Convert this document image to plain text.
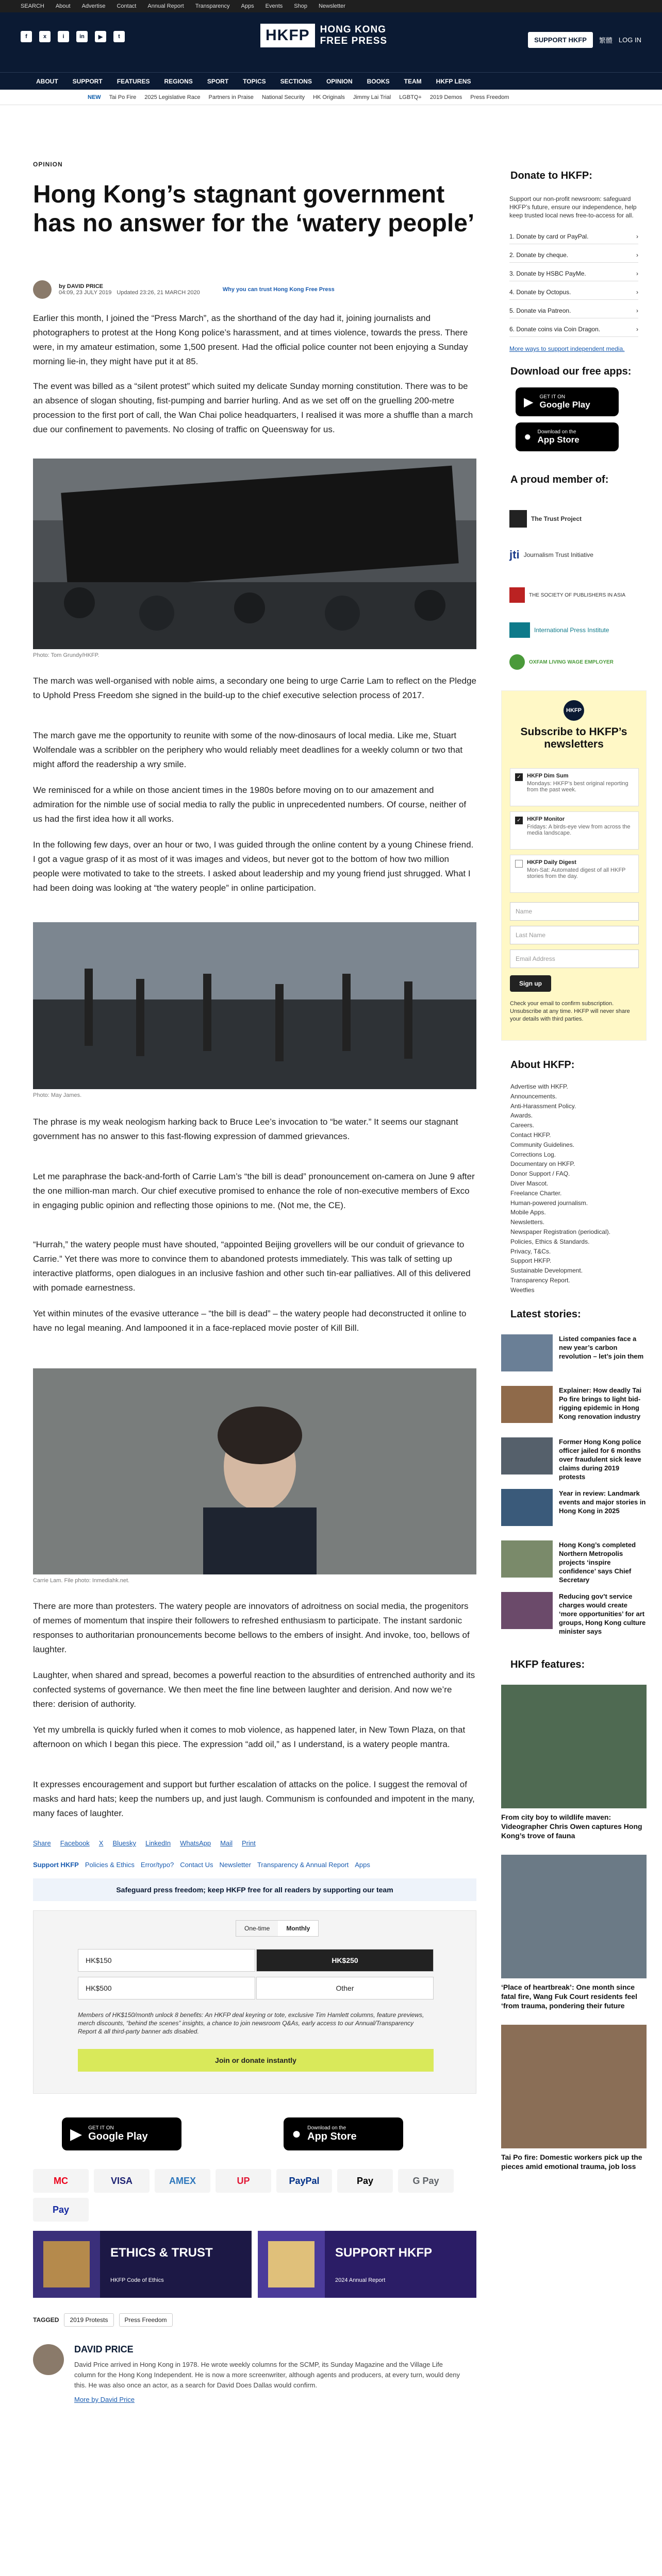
SEARCH About Advertise Contact Annual Report Transparency Apps Events Shop Newsletter
f	x	i	in	▶	t	HKFP	HONG KONG
FREE PRESS	SUPPORT HKFP	繁體 LOG IN
ABOUT SUPPORT FEATURES REGIONS SPORT TOPICS SECTIONS OPINION BOOKS TEAM HKFP LENS
NEW Tai Po Fire 2025 Legislative Race Partners in Praise National Security HK Originals Jimmy Lai Trial LGBTQ+ 2019 Demos Press Freedom
OPINION
Hong Kong’s stagnant government has no answer for the ‘watery people’
by DAVID PRICE
04:09, 23 JULY 2019 Updated 23:26, 21 MARCH 2020	Why you can trust Hong Kong Free Press

Earlier this month, I joined the “Press March”, as the shorthand of the day had it, joining journalists and photographers to protest at the Hong Kong police’s harassment, and at times violence, towards the press. There were, in my amateur estimation, some 1,500 present. Had the official police counter not been enjoying a Sunday morning lie-in, they might have put it at 85.

The event was billed as a “silent protest” which suited my delicate Sunday morning constitution. There was to be an absence of slogan shouting, fist-pumping and barrier hurling. And as we set off on the gruelling 200-metre procession to the first port of call, the Wan Chai police headquarters, I realised it was more a shuffle than a march due our confinement to pavements. No closing of traffic on Queensway for us.

Photo: Tom Grundy/HKFP.

The march was well-organised with noble aims, a secondary one being to urge Carrie Lam to reflect on the Pledge to Uphold Press Freedom she signed in the build-up to the chief executive selection process of 2017.

The march gave me the opportunity to reunite with some of the now-dinosaurs of local media. Like me, Stuart Wolfendale was a scribbler on the periphery who would reliably meet deadlines for a weekly column or two that might afford the readership a wry smile.

We reminisced for a while on those ancient times in the 1980s before moving on to our amazement and admiration for the nimble use of social media to rally the public in unprecedented numbers. Of course, neither of us had the first idea how it all works.

In the following few days, over an hour or two, I was guided through the online content by a young Chinese friend. I got a vague grasp of it as most of it was images and videos, but never got to the bottom of how two million people were motivated to take to the streets. I asked about leadership and my young friend just shrugged. What I had been doing was looking at “the watery people” in online participation.

Photo: May James.

The phrase is my weak neologism harking back to Bruce Lee’s invocation to “be water.” It seems our stagnant government has no answer to this fast-flowing expression of dammed grievances.

Let me paraphrase the back-and-forth of Carrie Lam’s “the bill is dead” pronouncement on-camera on June 9 after the one million-man march. Our chief executive promised to enhance the role of non-executive members of Exco in engaging public opinion and reflecting those opinions to me. (Not me, the CE).

“Hurrah,” the watery people must have shouted, “appointed Beijing grovellers will be our conduit of grievance to Carrie.” Yet there was more to convince them to abandoned protests immediately. This was talk of setting up interactive platforms, open dialogues in an inclusive fashion and other such tin-ear palliatives. All of this delivered with pomade earnestness.

Yet within minutes of the evasive utterance – “the bill is dead” – the watery people had deconstructed it online to have no legal meaning. And lampooned it in a face-replaced movie poster of Kill Bill.

Carrie Lam. File photo: Inmediahk.net.

There are more than protesters. The watery people are innovators of adroitness on social media, the progenitors of memes of momentum that inspire their followers to refreshed enthusiasm to participate. The instant sardonic responses to authoritarian pronouncements become bellows to the embers of insight. And invoke, too, bellows of laughter.

Laughter, when shared and spread, becomes a powerful reaction to the absurdities of entrenched authority and its confected systems of governance. We then meet the fine line between laughter and derision. And now we’re there: derision of authority.

Yet my umbrella is quickly furled when it comes to mob violence, as happened later, in New Town Plaza, on that afternoon on which I began this piece. The expression “add oil,” as I understand, is a watery people mantra.

It expresses encouragement and support but further escalation of attacks on the police. I suggest the removal of masks and hard hats; keep the numbers up, and just laugh. Communism is confounded and impotent in the many, many faces of laughter.

Share Facebook X Bluesky LinkedIn WhatsApp Mail Print
Support HKFP Policies & Ethics Error/typo? Contact Us Newsletter Transparency & Annual Report Apps
Safeguard press freedom; keep HKFP free for all readers by supporting our team
One-time	Monthly
HK$150	HK$250
HK$500	Other
Members of HK$150/month unlock 8 benefits: An HKFP deal keyring or tote, exclusive Tim Hamlett columns, feature previews, merch discounts, “behind the scenes” insights, a chance to join newsroom Q&As, early access to our Annual/Transparency Report & all third-party banner ads disabled.
Join or donate instantly
▶ GET IT ON
Google Play	● Download on the
App Store
MC	VISA	AMEX	UP	PayPal	Pay	G Pay
Pay
ETHICS & TRUST

HKFP Code of Ethics

SUPPORT HKFP

2024 Annual Report

TAGGED	2019 Protests	Press Freedom
DAVID PRICE
David Price arrived in Hong Kong in 1978. He wrote weekly columns for the SCMP, its Sunday Magazine and the Village Life column for the Hong Kong Independent. He is now a more screenwriter, although agents and producers, at every turn, would deny this. He was also once an actor, as a search for David Does Dallas would confirm.
More by David Price
Donate to HKFP:
Support our non-profit newsroom: safeguard HKFP’s future, ensure our independence, help keep trusted local news free-to-access for all.
1. Donate by card or PayPal.	›
2. Donate by cheque.	›
3. Donate by HSBC PayMe.	›
4. Donate by Octopus.	›
5. Donate via Patreon.	›
6. Donate coins via Coin Dragon.	›
More ways to support independent media.
Download our free apps:
▶ GET IT ON
Google Play
● Download on the
App Store
A proud member of:
The Trust Project
jti Journalism Trust Initiative
THE SOCIETY OF PUBLISHERS IN ASIA
International Press Institute
OXFAM LIVING WAGE EMPLOYER
HKFP
Subscribe to HKFP’s newsletters
✓	HKFP Dim Sum
Mondays: HKFP’s best original reporting from the past week.
✓	HKFP Monitor
Fridays: A birds-eye view from across the media landscape.
HKFP Daily Digest
Mon-Sat: Automated digest of all HKFP stories from the day.
Name
Last Name
Email Address
Sign up
Check your email to confirm subscription. Unsubscribe at any time. HKFP will never share your details with third parties.
About HKFP:
Advertise with HKFP.
Announcements.
Anti-Harassment Policy.
Awards.
Careers.
Contact HKFP.
Community Guidelines.
Corrections Log.
Documentary on HKFP.
Donor Support / FAQ.
Diver Mascot.
Freelance Charter.
Human-powered journalism.
Mobile Apps.
Newsletters.
Newspaper Registration (periodical).
Policies, Ethics & Standards.
Privacy, T&Cs.
Support HKFP.
Sustainable Development.
Transparency Report.
Weetfies
Latest stories:
Listed companies face a new year’s carbon revolution – let’s join them
Explainer: How deadly Tai Po fire brings to light bid-rigging epidemic in Hong Kong renovation industry
Former Hong Kong police officer jailed for 6 months over fraudulent sick leave claims during 2019 protests
Year in review: Landmark events and major stories in Hong Kong in 2025
Hong Kong’s completed Northern Metropolis projects ‘inspire confidence’ says Chief Secretary
Reducing gov’t service charges would create ‘more opportunities’ for art groups, Hong Kong culture minister says
HKFP features:
From city boy to wildlife maven: Videographer Chris Owen captures Hong Kong’s trove of fauna
‘Place of heartbreak’: One month since fatal fire, Wang Fuk Court residents feel ‘from trauma, pondering their future
Tai Po fire: Domestic workers pick up the pieces amid emotional trauma, job loss
